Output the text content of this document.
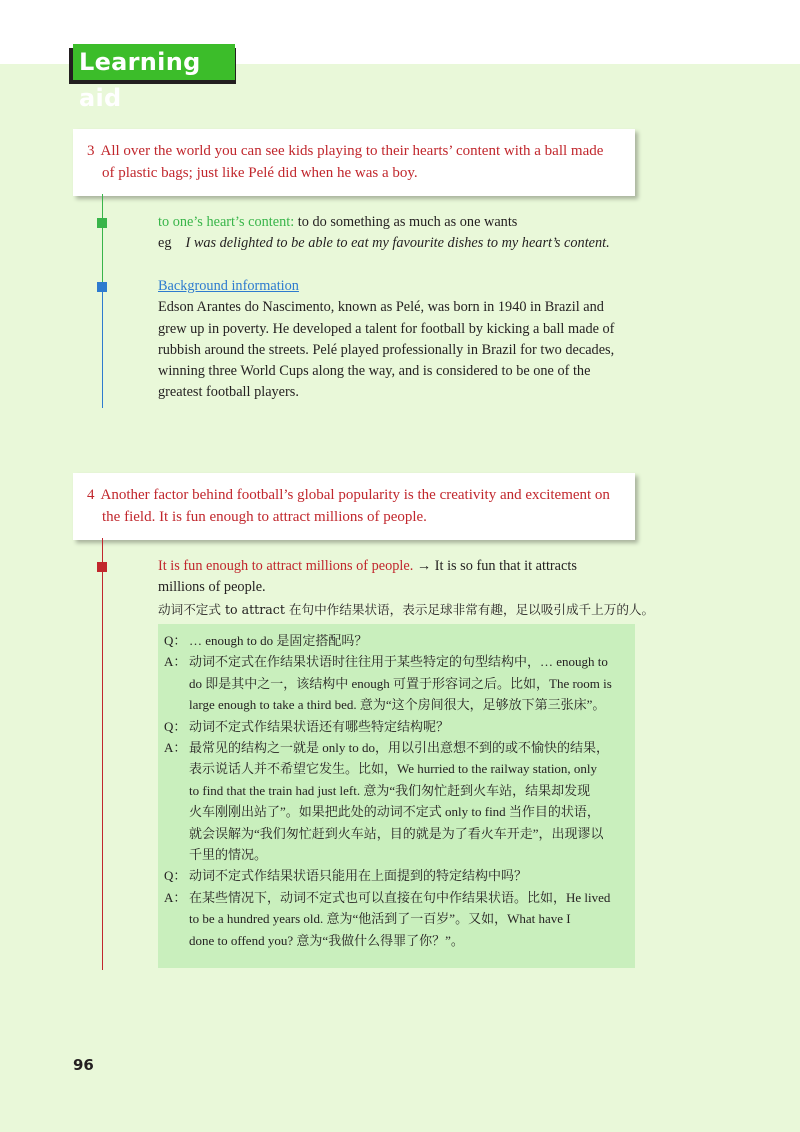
Learning aid
3 All over the world you can see kids playing to their hearts’ content with a ball made
of plastic bags; just like Pelé did when he was a boy.
to one’s heart’s content: to do something as much as one wants
eg I was delighted to be able to eat my favourite dishes to my heart’s content.
Background information
Edson Arantes do Nascimento, known as Pelé, was born in 1940 in Brazil and
grew up in poverty. He developed a talent for football by kicking a ball made of
rubbish around the streets. Pelé played professionally in Brazil for two decades,
winning three World Cups along the way, and is considered to be one of the
greatest football players.
4 Another factor behind football’s global popularity is the creativity and excitement on
the field. It is fun enough to attract millions of people.
It is fun enough to attract millions of people. → It is so fun that it attracts
millions of people.
动词不定式 to attract 在句中作结果状语，表示足球非常有趣，足以吸引成千上万的人。
Q： … enough to do 是固定搭配吗？
A： 动词不定式在作结果状语时往往用于某些特定的句型结构中，… enough to
do 即是其中之一，该结构中 enough 可置于形容词之后。比如，The room is
large enough to take a third bed. 意为“这个房间很大，足够放下第三张床”。
Q： 动词不定式作结果状语还有哪些特定结构呢？
A： 最常见的结构之一就是 only to do，用以引出意想不到的或不愉快的结果，
表示说话人并不希望它发生。比如，We hurried to the railway station, only
to find that the train had just left. 意为“我们匆忙赶到火车站，结果却发现
火车刚刚出站了”。如果把此处的动词不定式 only to find 当作目的状语，
就会误解为“我们匆忙赶到火车站，目的就是为了看火车开走”，出现谬以
千里的情况。
Q： 动词不定式作结果状语只能用在上面提到的特定结构中吗？
A： 在某些情况下，动词不定式也可以直接在句中作结果状语。比如，He lived
to be a hundred years old. 意为“他活到了一百岁”。又如，What have I
done to offend you? 意为“我做什么得罪了你？”。
96
